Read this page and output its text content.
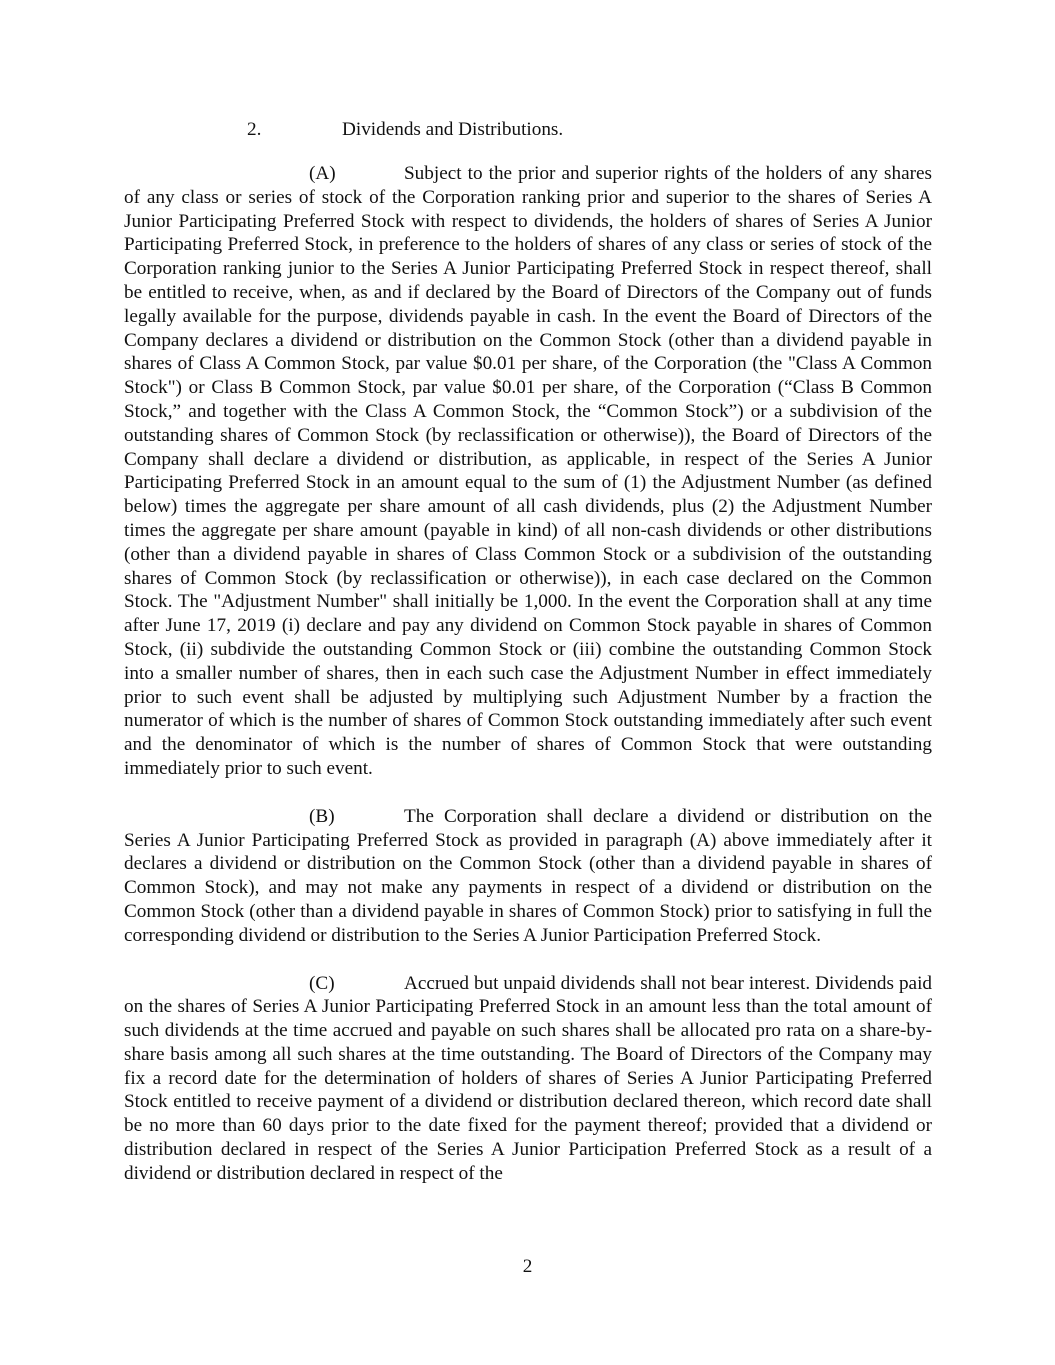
2.	Dividends and Distributions.

(A)	Subject to the prior and superior rights of the holders of any shares of any class or series of stock of the Corporation ranking prior and superior to the shares of Series A Junior Participating Preferred Stock with respect to dividends, the holders of shares of Series A Junior Participating Preferred Stock, in preference to the holders of shares of any class or series of stock of the Corporation ranking junior to the Series A Junior Participating Preferred Stock in respect thereof, shall be entitled to receive, when, as and if declared by the Board of Directors of the Company out of funds legally available for the purpose, dividends payable in cash. In the event the Board of Directors of the Company declares a dividend or distribution on the Common Stock (other than a dividend payable in shares of Class A Common Stock, par value $0.01 per share, of the Corporation (the "Class A Common Stock") or Class B Common Stock, par value $0.01 per share, of the Corporation (“Class B Common Stock,” and together with the Class A Common Stock, the “Common Stock”) or a subdivision of the outstanding shares of Common Stock (by reclassification or otherwise)), the Board of Directors of the Company shall declare a dividend or distribution, as applicable, in respect of the Series A Junior Participating Preferred Stock in an amount equal to the sum of (1) the Adjustment Number (as defined below) times the aggregate per share amount of all cash dividends, plus (2) the Adjustment Number times the aggregate per share amount (payable in kind) of all non-cash dividends or other distributions (other than a dividend payable in shares of Class Common Stock or a subdivision of the outstanding shares of Common Stock (by reclassification or otherwise)), in each case declared on the Common Stock. The "Adjustment Number" shall initially be 1,000. In the event the Corporation shall at any time after June 17, 2019 (i) declare and pay any dividend on Common Stock payable in shares of Common Stock, (ii) subdivide the outstanding Common Stock or (iii) combine the outstanding Common Stock into a smaller number of shares, then in each such case the Adjustment Number in effect immediately prior to such event shall be adjusted by multiplying such Adjustment Number by a fraction the numerator of which is the number of shares of Common Stock outstanding immediately after such event and the denominator of which is the number of shares of Common Stock that were outstanding immediately prior to such event.

(B)	The Corporation shall declare a dividend or distribution on the Series A Junior Participating Preferred Stock as provided in paragraph (A) above immediately after it declares a dividend or distribution on the Common Stock (other than a dividend payable in shares of Common Stock), and may not make any payments in respect of a dividend or distribution on the Common Stock (other than a dividend payable in shares of Common Stock) prior to satisfying in full the corresponding dividend or distribution to the Series A Junior Participation Preferred Stock.

(C)	Accrued but unpaid dividends shall not bear interest. Dividends paid on the shares of Series A Junior Participating Preferred Stock in an amount less than the total amount of such dividends at the time accrued and payable on such shares shall be allocated pro rata on a share-by-share basis among all such shares at the time outstanding. The Board of Directors of the Company may fix a record date for the determination of holders of shares of Series A Junior Participating Preferred Stock entitled to receive payment of a dividend or distribution declared thereon, which record date shall be no more than 60 days prior to the date fixed for the payment thereof; provided that a dividend or distribution declared in respect of the Series A Junior Participation Preferred Stock as a result of a dividend or distribution declared in respect of the

2
